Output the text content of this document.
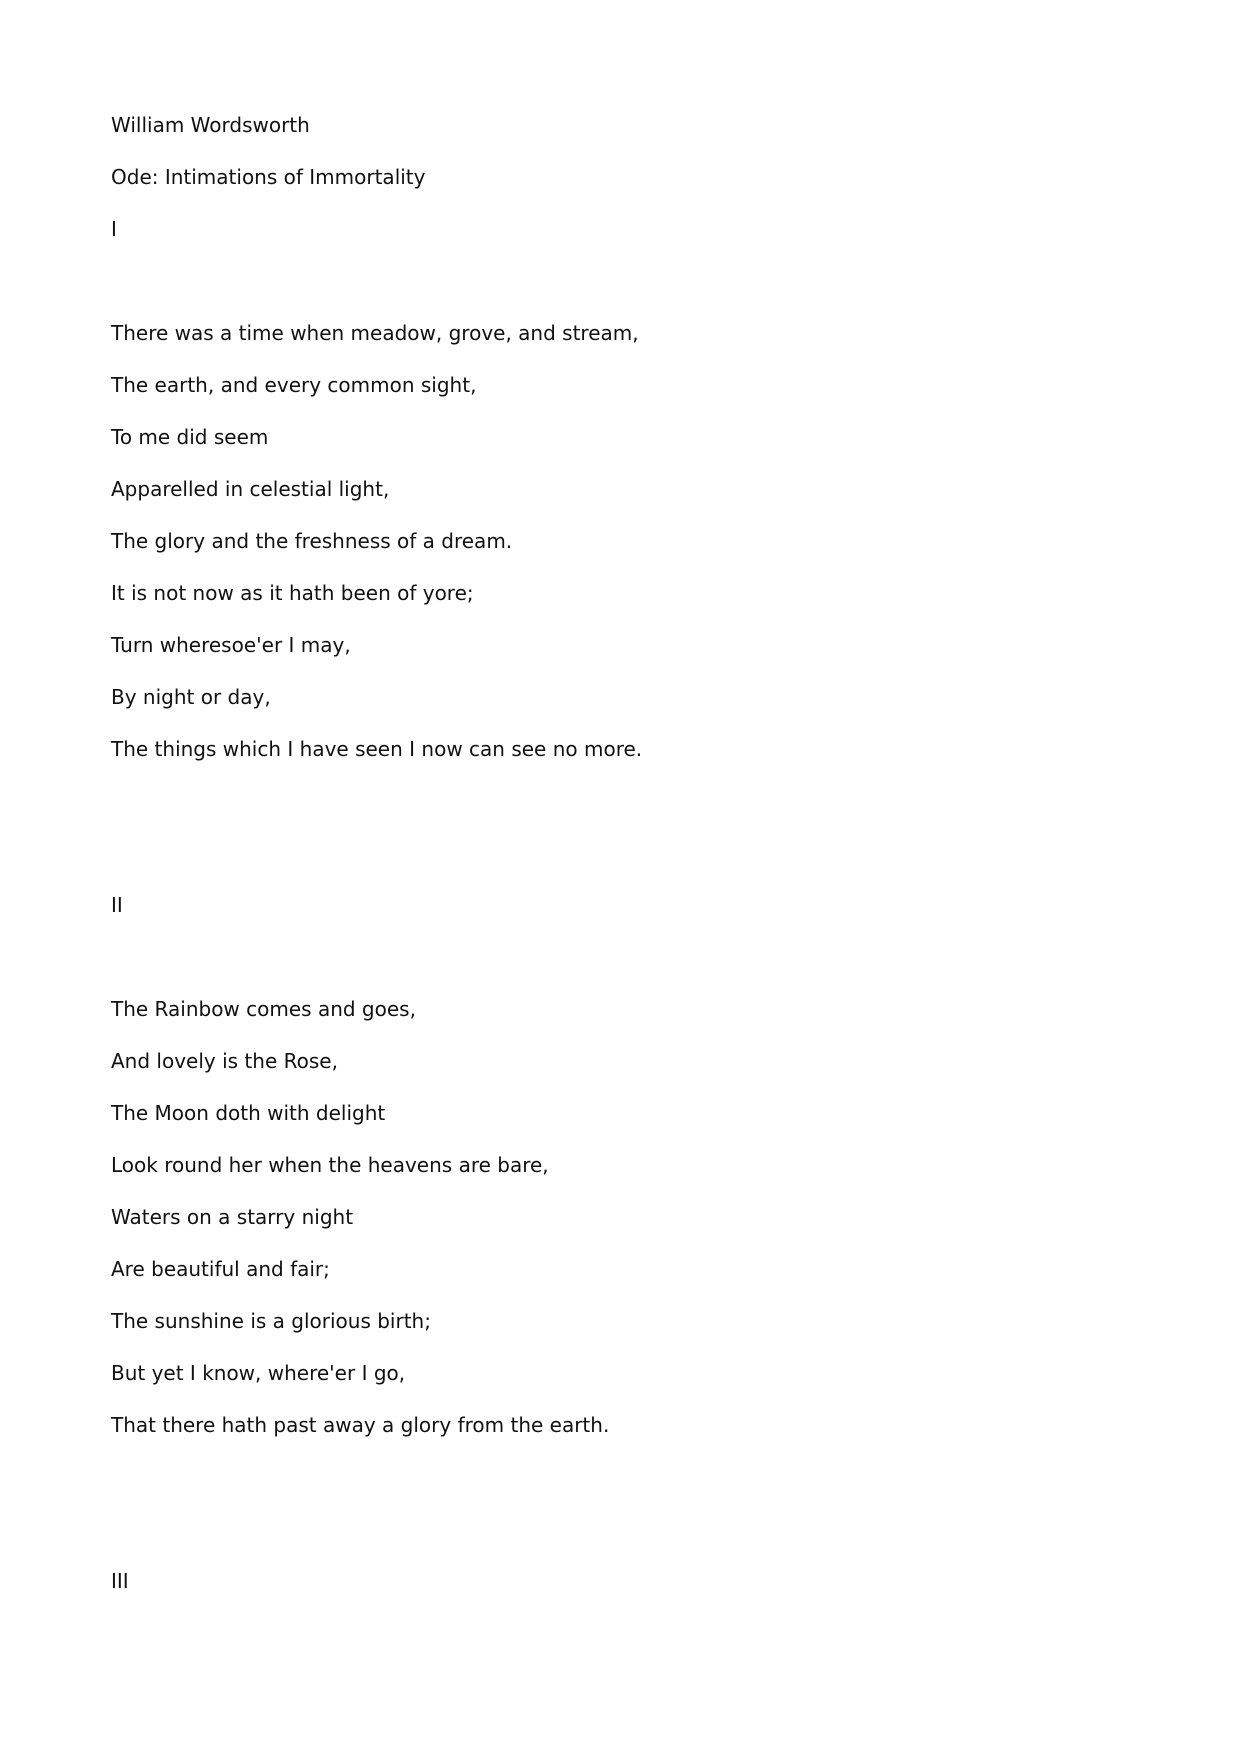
William Wordsworth
Ode: Intimations of Immortality
I
There was a time when meadow, grove, and stream,
The earth, and every common sight,
To me did seem
Apparelled in celestial light,
The glory and the freshness of a dream.
It is not now as it hath been of yore;
Turn wheresoe'er I may,
By night or day,
The things which I have seen I now can see no more.
II
The Rainbow comes and goes,
And lovely is the Rose,
The Moon doth with delight
Look round her when the heavens are bare,
Waters on a starry night
Are beautiful and fair;
The sunshine is a glorious birth;
But yet I know, where'er I go,
That there hath past away a glory from the earth.
III
